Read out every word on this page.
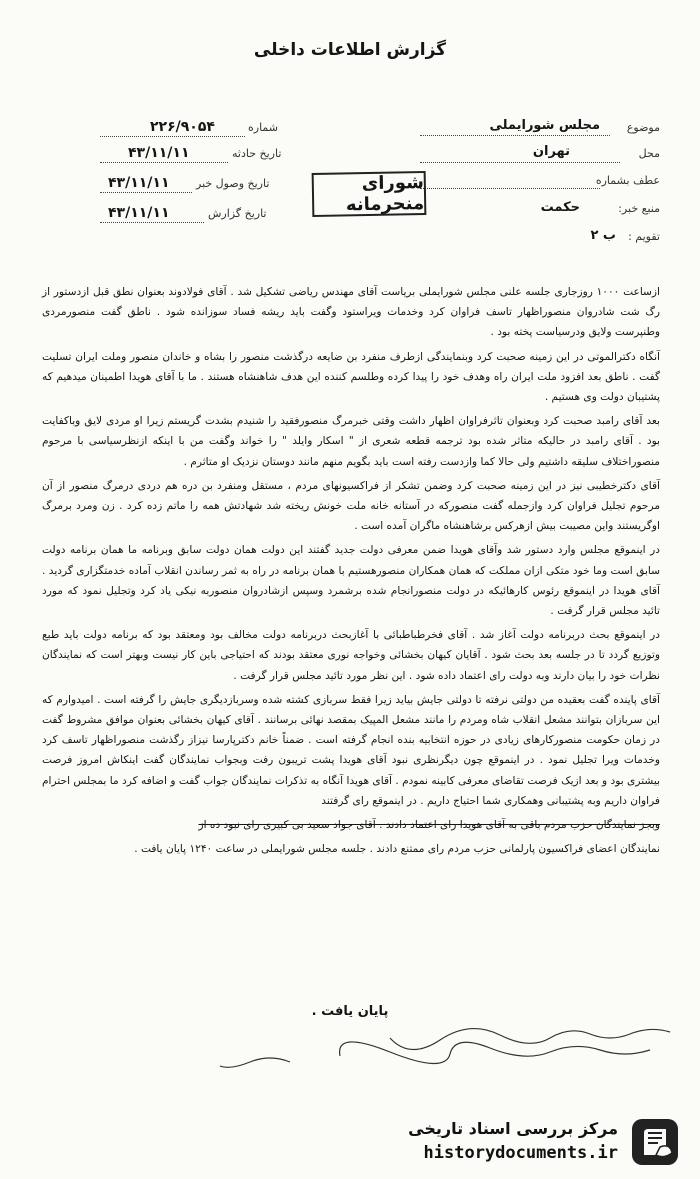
گزارش اطلاعات داخلی
موضوع
مجلس شورایملی
محل
تهران
عطف بشماره
منبع خبر:
حکمت
تقویم :
ب ۲
شورای منحرمانه
شماره
۲۲۶/۹۰۵۴
تاریخ حادثه
۴۳/۱۱/۱۱
تاریخ وصول خبر
۴۳/۱۱/۱۱
تاریخ گزارش
۴۳/۱۱/۱۱

ازساعت ۱۰۰۰ روزجاری جلسه علنی مجلس شورایملی بریاست آقای مهندس ریاضی تشکیل شد . آقای فولادوند بعنوان نطق قبل ازدستور از رگ شت شادروان منصوراظهار تاسف فراوان کرد وخدمات ویراستود وگفت باید ریشه فساد سوزانده شود . ناطق گفت منصورمردی وطنپرست ولایق ودرسیاست پخته بود .

آنگاه دکترالموتی در این زمینه صحبت کرد وبنمایندگی ازطرف منفرد بن ضایعه درگذشت منصور را بشاه و خاندان منصور وملت ایران تسلیت گفت . ناطق بعد افزود ملت ایران راه وهدف خود را پیدا کرده وطلسم کننده این هدف شاهنشاه هستند . ما با آقای هویدا اطمینان میدهیم که پشتیبان دولت وی هستیم .

بعد آقای رامبد صحبت کرد وبعنوان تاثرفراوان اظهار داشت وقتی خبرمرگ منصورفقید را شنیدم بشدت گریستم زیرا او مردی لایق وباکفایت بود . آقای رامبد در حالیکه متاثر شده بود ترجمه قطعه شعری از " اسکار وایلد " را خواند وگفت من با اینکه ازنظرسیاسی با مرحوم منصوراختلاف سلیقه داشتیم ولی حالا کما وازدست رفته است باید بگویم منهم مانند دوستان نزدیک او متاثرم .

آقای دکترخطیبی نیز در این زمینه صحبت کرد وضمن تشکر از فراکسیونهای مردم ، مستقل ومنفرد بن دره هم دردی درمرگ منصور از آن مرحوم تجلیل فراوان کرد وازجمله گفت منصورکه در آستانه خانه ملت خونش ریخته شد شهادتش همه را ماتم زده کرد . زن ومرد برمرگ اوگریستند واین مصیبت بیش ازهرکس برشاهنشاه ماگران آمده است .

در اینموقع مجلس وارد دستور شد وآقای هویدا ضمن معرفی دولت جدید گفتند این دولت همان دولت سابق وبرنامه ما همان برنامه دولت سابق است وما خود متکی ازان مملکت که همان همکاران منصورهستیم با همان برنامه در راه به ثمر رساندن انقلاب آماده خدمتگزاری گردید . آقای هویدا در اینموقع رئوس کارهائیکه در دولت منصورانجام شده برشمرد وسپس ازشادروان منصوربه نیکی یاد کرد وتجلیل نمود که مورد تائید مجلس قرار گرفت .

در اینموقع بحث دربرنامه دولت آغاز شد . آقای فخرطباطبائی با آغازبحث دربرنامه دولت مخالف بود ومعتقد بود که برنامه دولت باید طبع وتوزیع گردد تا در جلسه بعد بحث شود . آقایان کیهان بخشائی وخواجه نوری معتقد بودند که احتیاجی باین کار نیست وبهتر است که نمایندگان نظرات خود را بیان دارند وبه دولت رای اعتماد داده شود . این نظر مورد تائید مجلس قرار گرفت .

آقای پاینده گفت بعقیده من دولتی نرفته تا دولتی جایش بیاید زیرا فقط سربازی کشته شده وسربازدیگری جایش را گرفته است . امیدوارم که این سربازان بتوانند مشعل انقلاب شاه ومردم را مانند مشعل المپیک بمقصد نهائی برسانند . آقای کیهان بخشائی بعنوان موافق مشروط گفت در زمان حکومت منصورکارهای زیادی در حوزه انتخابیه بنده انجام گرفته است . ضمناً خانم دکترپارسا نیزاز رگذشت منصوراظهار تاسف کرد وخدمات ویرا تجلیل نمود . در اینموقع چون دیگرنظری نبود آقای هویدا پشت تریبون رفت وبجواب نمایندگان گفت اینکاش امروز فرصت بیشتری بود و بعد ازیک فرصت تقاضای معرفی کابینه نمودم . آقای هویدا آنگاه به تذکرات نمایندگان جواب گفت و اضافه کرد ما بمجلس احترام فراوان داریم وبه پشتیبانی وهمکاری شما احتیاج داریم . در اینموقع رای گرفتند

وبجز نمایندگان حزب مردم باقی به آقای هویدا رای اعتماد دادند . آقای جواد سعید بی کبیری رای نبود ده از

نمایندگان اعضای فراکسیون پارلمانی حزب مردم رای ممتنع دادند . جلسه مجلس شورایملی در ساعت ۱۲۴۰ پایان یافت .

پایان یافت .
مرکز بررسی اسناد تاریخی
historydocuments.ir
